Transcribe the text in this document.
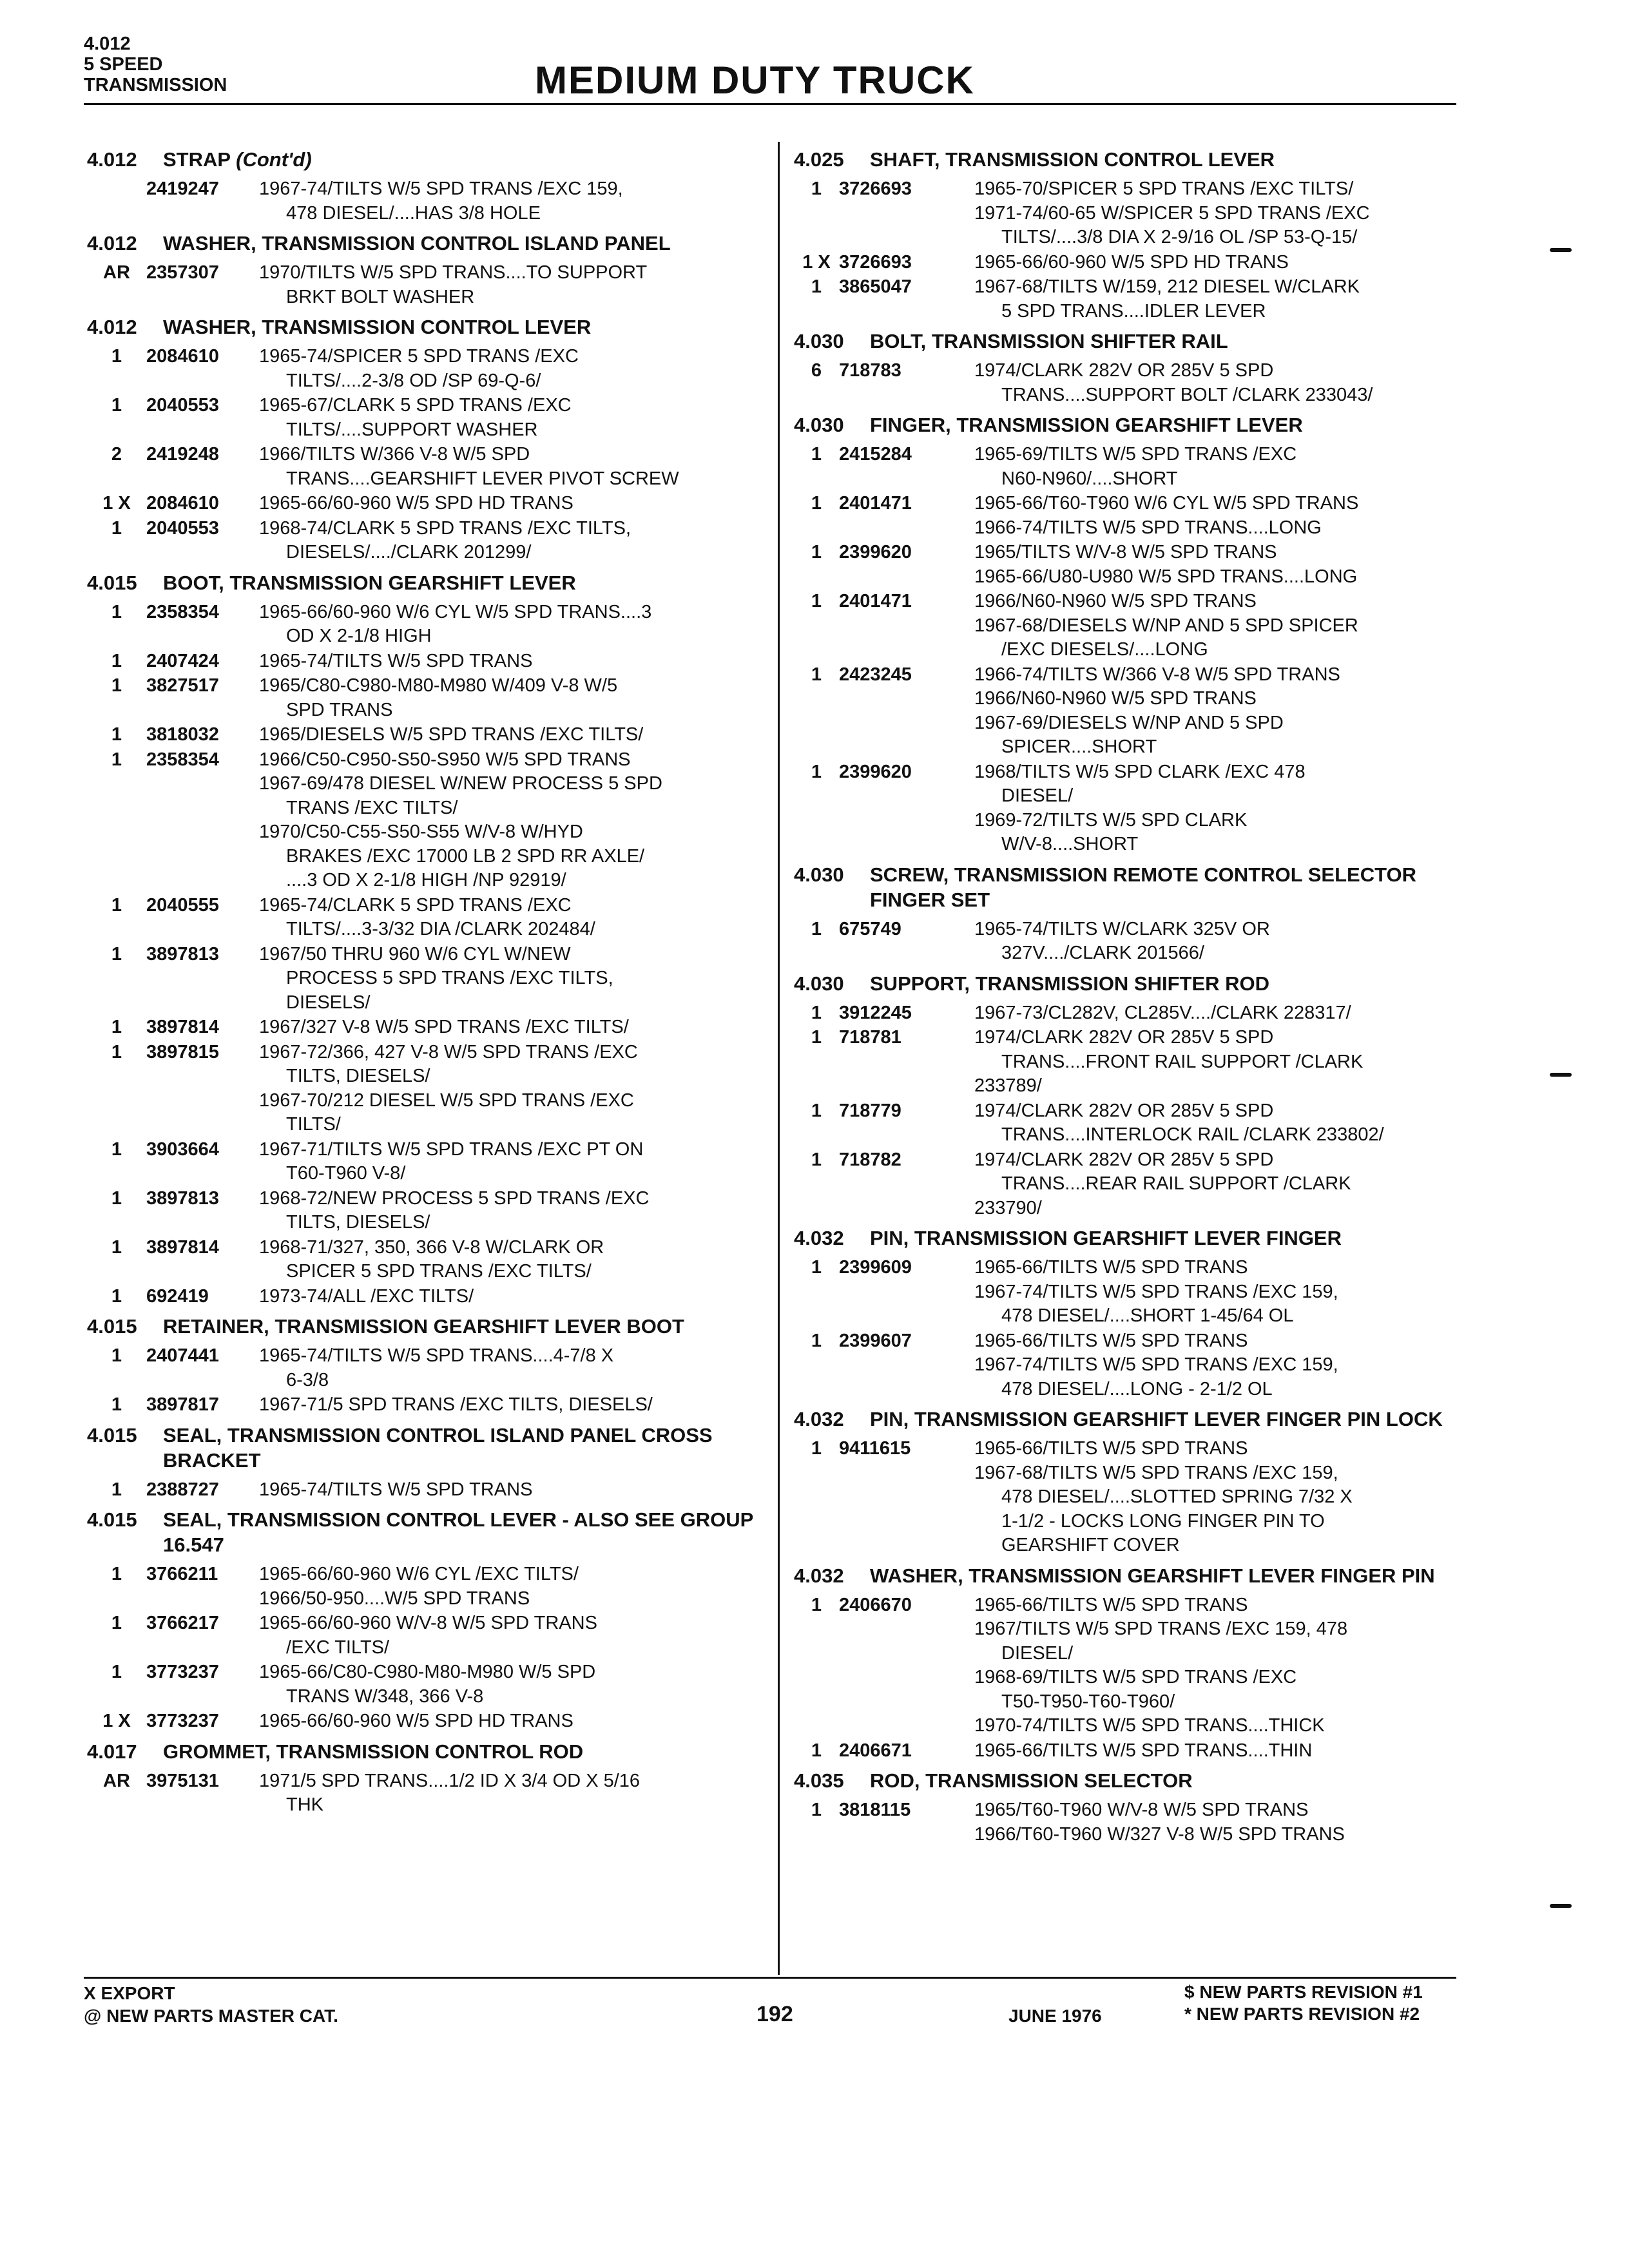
4.012
5 SPEED
TRANSMISSION	MEDIUM DUTY TRUCK
4.012	STRAP (Cont'd)
2419247	1967-74/TILTS W/5 SPD TRANS /EXC 159,
478 DIESEL/....HAS 3/8 HOLE
4.012	WASHER, TRANSMISSION CONTROL ISLAND PANEL
AR 2357307	1970/TILTS W/5 SPD TRANS....TO SUPPORT
BRKT BOLT WASHER
4.012	WASHER, TRANSMISSION CONTROL LEVER
1	2084610	1965-74/SPICER 5 SPD TRANS /EXC
TILTS/....2-3/8 OD /SP 69-Q-6/
1	2040553	1965-67/CLARK 5 SPD TRANS /EXC
TILTS/....SUPPORT WASHER
2	2419248	1966/TILTS W/366 V-8 W/5 SPD
TRANS....GEARSHIFT LEVER PIVOT SCREW
1 X 2084610	1965-66/60-960 W/5 SPD HD TRANS
1	2040553	1968-74/CLARK 5 SPD TRANS /EXC TILTS,
DIESELS/..../CLARK 201299/
4.015	BOOT, TRANSMISSION GEARSHIFT LEVER
1	2358354	1965-66/60-960 W/6 CYL W/5 SPD TRANS....3
OD X 2-1/8 HIGH
1	2407424	1965-74/TILTS W/5 SPD TRANS
1	3827517	1965/C80-C980-M80-M980 W/409 V-8 W/5
SPD TRANS
1	3818032	1965/DIESELS W/5 SPD TRANS /EXC TILTS/
1	2358354	1966/C50-C950-S50-S950 W/5 SPD TRANS
1967-69/478 DIESEL W/NEW PROCESS 5 SPD
TRANS /EXC TILTS/
1970/C50-C55-S50-S55 W/V-8 W/HYD
BRAKES /EXC 17000 LB 2 SPD RR AXLE/
....3 OD X 2-1/8 HIGH /NP 92919/
1	2040555	1965-74/CLARK 5 SPD TRANS /EXC
TILTS/....3-3/32 DIA /CLARK 202484/
1	3897813	1967/50 THRU 960 W/6 CYL W/NEW
PROCESS 5 SPD TRANS /EXC TILTS,
DIESELS/
1	3897814	1967/327 V-8 W/5 SPD TRANS /EXC TILTS/
1	3897815	1967-72/366, 427 V-8 W/5 SPD TRANS /EXC
TILTS, DIESELS/
1967-70/212 DIESEL W/5 SPD TRANS /EXC
TILTS/
1	3903664	1967-71/TILTS W/5 SPD TRANS /EXC PT ON
T60-T960 V-8/
1	3897813	1968-72/NEW PROCESS 5 SPD TRANS /EXC
TILTS, DIESELS/
1	3897814	1968-71/327, 350, 366 V-8 W/CLARK OR
SPICER 5 SPD TRANS /EXC TILTS/
1	692419	1973-74/ALL /EXC TILTS/
4.015	RETAINER, TRANSMISSION GEARSHIFT LEVER BOOT
1	2407441	1965-74/TILTS W/5 SPD TRANS....4-7/8 X
6-3/8
1	3897817	1967-71/5 SPD TRANS /EXC TILTS, DIESELS/
4.015	SEAL, TRANSMISSION CONTROL ISLAND PANEL CROSS BRACKET
1	2388727	1965-74/TILTS W/5 SPD TRANS
4.015	SEAL, TRANSMISSION CONTROL LEVER - ALSO SEE GROUP 16.547
1	3766211	1965-66/60-960 W/6 CYL /EXC TILTS/
1966/50-950....W/5 SPD TRANS
1	3766217	1965-66/60-960 W/V-8 W/5 SPD TRANS
/EXC TILTS/
1	3773237	1965-66/C80-C980-M80-M980 W/5 SPD
TRANS W/348, 366 V-8
1 X 3773237	1965-66/60-960 W/5 SPD HD TRANS
4.017	GROMMET, TRANSMISSION CONTROL ROD
AR 3975131	1971/5 SPD TRANS....1/2 ID X 3/4 OD X 5/16
THK
4.025	SHAFT, TRANSMISSION CONTROL LEVER
1 3726693	1965-70/SPICER 5 SPD TRANS /EXC TILTS/
1971-74/60-65 W/SPICER 5 SPD TRANS /EXC
TILTS/....3/8 DIA X 2-9/16 OL /SP 53-Q-15/
1 X 3726693	1965-66/60-960 W/5 SPD HD TRANS
1 3865047	1967-68/TILTS W/159, 212 DIESEL W/CLARK
5 SPD TRANS....IDLER LEVER
4.030	BOLT, TRANSMISSION SHIFTER RAIL
6 718783	1974/CLARK 282V OR 285V 5 SPD
TRANS....SUPPORT BOLT /CLARK 233043/
4.030	FINGER, TRANSMISSION GEARSHIFT LEVER
1 2415284	1965-69/TILTS W/5 SPD TRANS /EXC
N60-N960/....SHORT
1 2401471	1965-66/T60-T960 W/6 CYL W/5 SPD TRANS
1966-74/TILTS W/5 SPD TRANS....LONG
1 2399620	1965/TILTS W/V-8 W/5 SPD TRANS
1965-66/U80-U980 W/5 SPD TRANS....LONG
1 2401471	1966/N60-N960 W/5 SPD TRANS
1967-68/DIESELS W/NP AND 5 SPD SPICER
/EXC DIESELS/....LONG
1 2423245	1966-74/TILTS W/366 V-8 W/5 SPD TRANS
1966/N60-N960 W/5 SPD TRANS
1967-69/DIESELS W/NP AND 5 SPD
SPICER....SHORT
1 2399620	1968/TILTS W/5 SPD CLARK /EXC 478
DIESEL/
1969-72/TILTS W/5 SPD CLARK
W/V-8....SHORT
4.030	SCREW, TRANSMISSION REMOTE CONTROL SELECTOR FINGER SET
1 675749	1965-74/TILTS W/CLARK 325V OR
327V..../CLARK 201566/
4.030	SUPPORT, TRANSMISSION SHIFTER ROD
1 3912245	1967-73/CL282V, CL285V..../CLARK 228317/
1 718781	1974/CLARK 282V OR 285V 5 SPD
TRANS....FRONT RAIL SUPPORT /CLARK
233789/
1 718779	1974/CLARK 282V OR 285V 5 SPD
TRANS....INTERLOCK RAIL /CLARK 233802/
1 718782	1974/CLARK 282V OR 285V 5 SPD
TRANS....REAR RAIL SUPPORT /CLARK
233790/
4.032	PIN, TRANSMISSION GEARSHIFT LEVER FINGER
1 2399609	1965-66/TILTS W/5 SPD TRANS
1967-74/TILTS W/5 SPD TRANS /EXC 159,
478 DIESEL/....SHORT 1-45/64 OL
1 2399607	1965-66/TILTS W/5 SPD TRANS
1967-74/TILTS W/5 SPD TRANS /EXC 159,
478 DIESEL/....LONG - 2-1/2 OL
4.032	PIN, TRANSMISSION GEARSHIFT LEVER FINGER PIN LOCK
1 9411615	1965-66/TILTS W/5 SPD TRANS
1967-68/TILTS W/5 SPD TRANS /EXC 159,
478 DIESEL/....SLOTTED SPRING 7/32 X
1-1/2 - LOCKS LONG FINGER PIN TO
GEARSHIFT COVER
4.032	WASHER, TRANSMISSION GEARSHIFT LEVER FINGER PIN
1 2406670	1965-66/TILTS W/5 SPD TRANS
1967/TILTS W/5 SPD TRANS /EXC 159, 478
DIESEL/
1968-69/TILTS W/5 SPD TRANS /EXC
T50-T950-T60-T960/
1970-74/TILTS W/5 SPD TRANS....THICK
1 2406671	1965-66/TILTS W/5 SPD TRANS....THIN
4.035	ROD, TRANSMISSION SELECTOR
1 3818115	1965/T60-T960 W/V-8 W/5 SPD TRANS
1966/T60-T960 W/327 V-8 W/5 SPD TRANS
X EXPORT
@ NEW PARTS MASTER CAT.	192	JUNE 1976
$ NEW PARTS REVISION #1
* NEW PARTS REVISION #2
